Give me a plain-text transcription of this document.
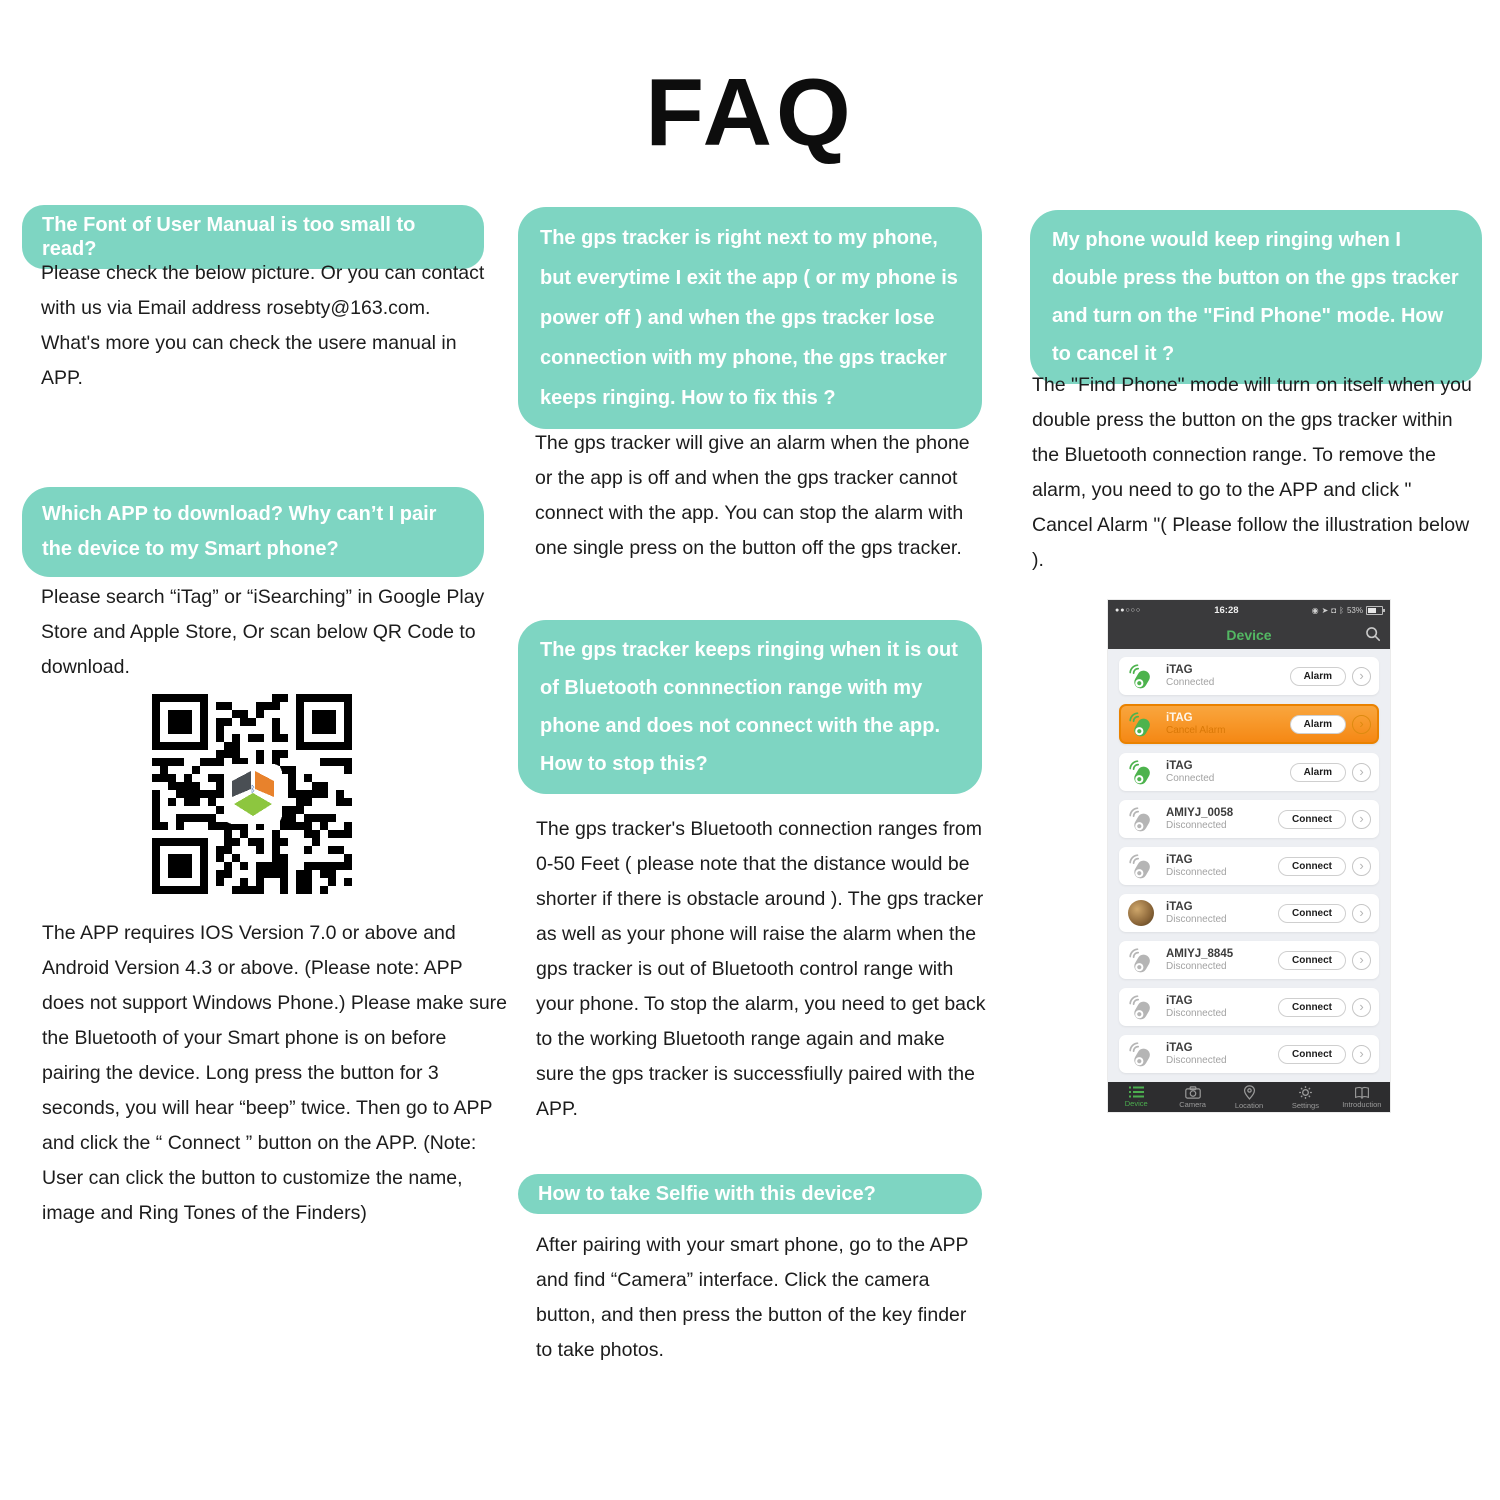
FAQ
The Font of User Manual is too small to read?
Please check the below picture. Or you can contact with us via Email address rosebty@163.com. What's more you can check the usere manual in APP.
Which APP to download? Why can’t I pair the device to my Smart phone?
Please search “iTag” or “iSearching” in Google Play Store and Apple Store, Or scan below QR Code to download.
ᛒ
The APP requires IOS Version 7.0 or above and Android Version 4.3 or above. (Please note: APP does not support Windows Phone.) Please make sure the Bluetooth of your Smart phone is on before pairing the device. Long press the button for 3 seconds, you will hear “beep” twice. Then go to APP and click the “ Connect ” button on the APP. (Note: User can click the button to customize the name, image and Ring Tones of the Finders)
The gps tracker is right next to my phone, but everytime I exit the app ( or my phone is power off ) and when the gps tracker lose connection with my phone, the gps tracker keeps ringing. How to fix this ?
The gps tracker will give an alarm when the phone or the app is off and when the gps tracker cannot connect with the app. You can stop the alarm with one single press on the button off the gps tracker.
The gps tracker keeps ringing when it is out of Bluetooth connnection range with my phone and does not connect with the app. How to stop this?
The gps tracker's Bluetooth connection ranges from 0-50 Feet ( please note that the distance would be shorter if there is obstacle around ). The gps tracker as well as your phone will raise the alarm when the gps tracker is out of Bluetooth control range with your phone. To stop the alarm, you need to get back to the working Bluetooth range again and make sure the gps tracker is successfiully paired with the APP.
How to take Selfie with this device?
After pairing with your smart phone, go to the APP and find “Camera” interface. Click the camera button, and then press the button of the key finder to take photos.
My phone would keep ringing when I double press the button on the gps tracker and turn on the "Find Phone" mode. How to cancel it ?
The "Find Phone" mode will turn on itself when you double press the button on the gps tracker within the Bluetooth connection range. To remove the alarm, you need to go to the APP and click " Cancel Alarm "( Please follow the illustration below ).
●●○○○	16:28	◉ ➤ ◘ ᛒ 53%
Device
iTAG
Connected
Alarm	›
iTAG
Cancel Alarm
Alarm	›
iTAG
Connected
Alarm	›
AMIYJ_0058
Disconnected
Connect	›
iTAG
Disconnected
Connect	›
iTAG
Disconnected
Connect	›
AMIYJ_8845
Disconnected
Connect	›
iTAG
Disconnected
Connect	›
iTAG
Disconnected
Connect	›
Device	Camera	Location	Settings	Introduction
